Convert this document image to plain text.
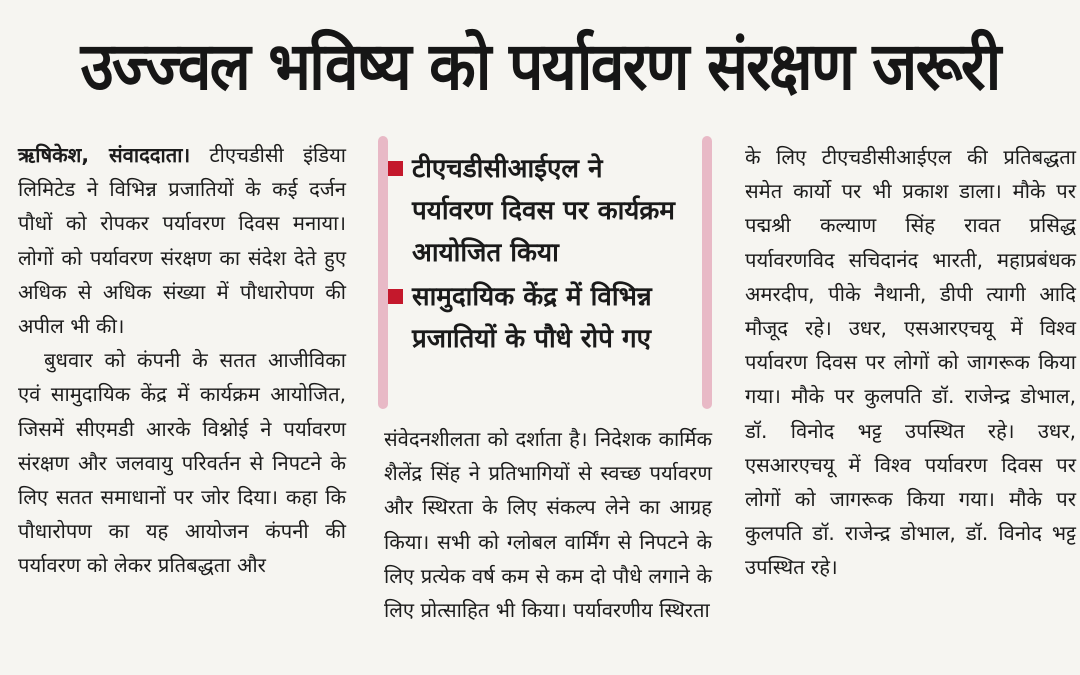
उज्ज्वल भविष्य को पर्यावरण संरक्षण जरूरी

ऋषिकेश, संवाददाता। टीएचडीसी इंडिया लिमिटेड ने विभिन्न प्रजातियों के कई दर्जन पौधों को रोपकर पर्यावरण दिवस मनाया। लोगों को पर्यावरण संरक्षण का संदेश देते हुए अधिक से अधिक संख्या में पौधारोपण की अपील भी की।

बुधवार को कंपनी के सतत आजीविका एवं सामुदायिक केंद्र में कार्यक्रम आयोजित, जिसमें सीएमडी आरके विश्नोई ने पर्यावरण संरक्षण और जलवायु परिवर्तन से निपटने के लिए सतत समाधानों पर जोर दिया। कहा कि पौधारोपण का यह आयोजन कंपनी की पर्यावरण को लेकर प्रतिबद्धता और

टीएचडीसीआईएल ने पर्यावरण दिवस पर कार्यक्रम आयोजित किया
सामुदायिक केंद्र में विभिन्न प्रजातियों के पौधे रोपे गए

संवेदनशीलता को दर्शाता है। निदेशक कार्मिक शैलेंद्र सिंह ने प्रतिभागियों से स्वच्छ पर्यावरण और स्थिरता के लिए संकल्प लेने का आग्रह किया। सभी को ग्लोबल वार्मिंग से निपटने के लिए प्रत्येक वर्ष कम से कम दो पौधे लगाने के लिए प्रोत्साहित भी किया। पर्यावरणीय स्थिरता

के लिए टीएचडीसीआईएल की प्रतिबद्धता समेत कार्यो पर भी प्रकाश डाला। मौके पर पद्मश्री कल्याण सिंह रावत प्रसिद्ध पर्यावरणविद सचिदानंद भारती, महाप्रबंधक अमरदीप, पीके नैथानी, डीपी त्यागी आदि मौजूद रहे। उधर, एसआरएचयू में विश्व पर्यावरण दिवस पर लोगों को जागरूक किया गया। मौके पर कुलपति डॉ. राजेन्द्र डोभाल, डॉ. विनोद भट्ट उपस्थित रहे। उधर, एसआरएचयू में विश्व पर्यावरण दिवस पर लोगों को जागरूक किया गया। मौके पर कुलपति डॉ. राजेन्द्र डोभाल, डॉ. विनोद भट्ट उपस्थित रहे।
